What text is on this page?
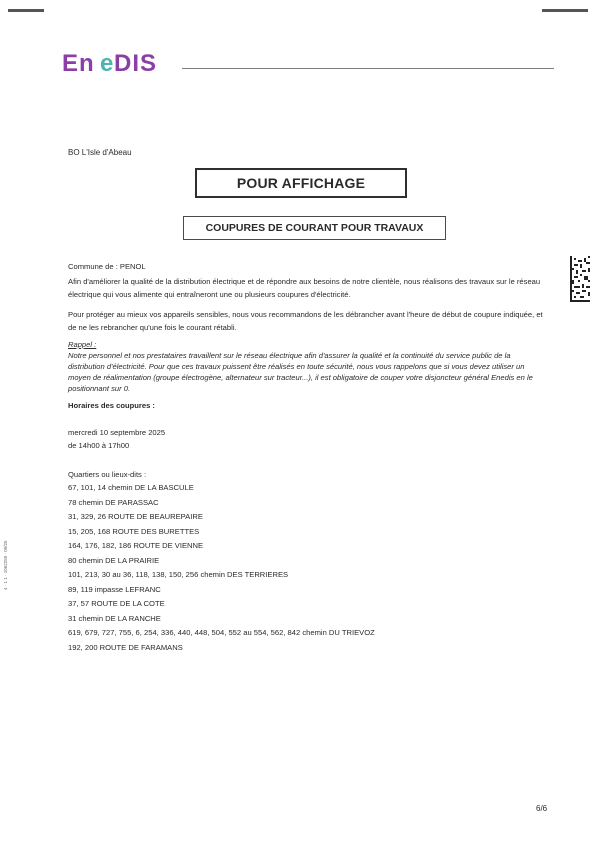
En e DIS
BO L'Isle d'Abeau
POUR AFFICHAGE
COUPURES DE COURANT POUR TRAVAUX

Commune de : PENOL

Afin d'améliorer la qualité de la distribution électrique et de répondre aux besoins de notre clientèle, nous réalisons des travaux sur le réseau électrique qui vous alimente qui entraîneront une ou plusieurs coupures d'électricité.

Pour protéger au mieux vos appareils sensibles, nous vous recommandons de les débrancher avant l'heure de début de coupure indiquée, et de ne les rebrancher qu'une fois le courant rétabli.

Rappel :
Notre personnel et nos prestataires travaillent sur le réseau électrique afin d'assurer la qualité et la continuité du service public de la distribution d'électricité. Pour que ces travaux puissent être réalisés en toute sécurité, nous vous rappelons que si vous devez utiliser un moyen de réalimentation (groupe électrogène, alternateur sur tracteur...), il est obligatoire de couper votre disjoncteur général Enedis en le positionnant sur 0.
Horaires des coupures :
mercredi 10 septembre 2025
de 14h00 à 17h00
Quartiers ou lieux-dits :
67, 101, 14 chemin DE LA BASCULE
78 chemin DE PARASSAC
31, 329, 26 ROUTE DE BEAUREPAIRE
15, 205, 168 ROUTE DES BURETTES
164, 176, 182, 186 ROUTE DE VIENNE
80 chemin DE LA PRAIRIE
101, 213, 30 au 36, 118, 138, 150, 256 chemin DES TERRIERES
89, 119 impasse LEFRANC
37, 57 ROUTE DE LA COTE
31 chemin DE LA RANCHE
619, 679, 727, 755, 6, 254, 336, 440, 448, 504, 552 au 554, 562, 842 chemin DU TRIEVOZ
192, 200 ROUTE DE FARAMANS
4 · 1 1 · 1062250 · 09/25
6/6
